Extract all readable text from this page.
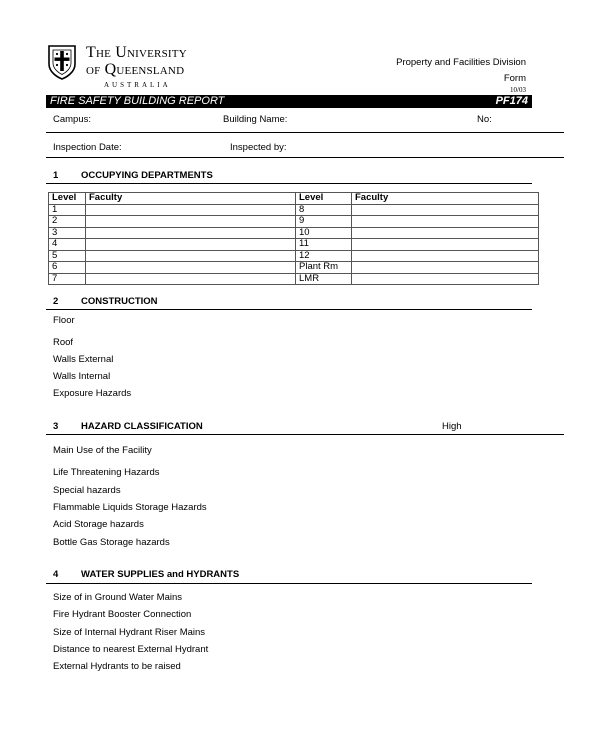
The University
of Queensland
AUSTRALIA
Property and Facilities Division
Form
10/03
FIRE SAFETY BUILDING REPORT	PF174
Campus:	Building Name:	No:
Inspection Date:	Inspected by:
1 OCCUPYING DEPARTMENTS
Level	Faculty	Level	Faculty
1		8	
2		9	
3		10	
4		11	
5		12	
6		Plant Rm	
7		LMR	
2 CONSTRUCTION
Floor
Roof
Walls External
Walls Internal
Exposure Hazards
3 HAZARD CLASSIFICATION	High
Main Use of the Facility
Life Threatening Hazards
Special hazards
Flammable Liquids Storage Hazards
Acid Storage hazards
Bottle Gas Storage hazards
4 WATER SUPPLIES and HYDRANTS
Size of in Ground Water Mains
Fire Hydrant Booster Connection
Size of Internal Hydrant Riser Mains
Distance to nearest External Hydrant
External Hydrants to be raised
